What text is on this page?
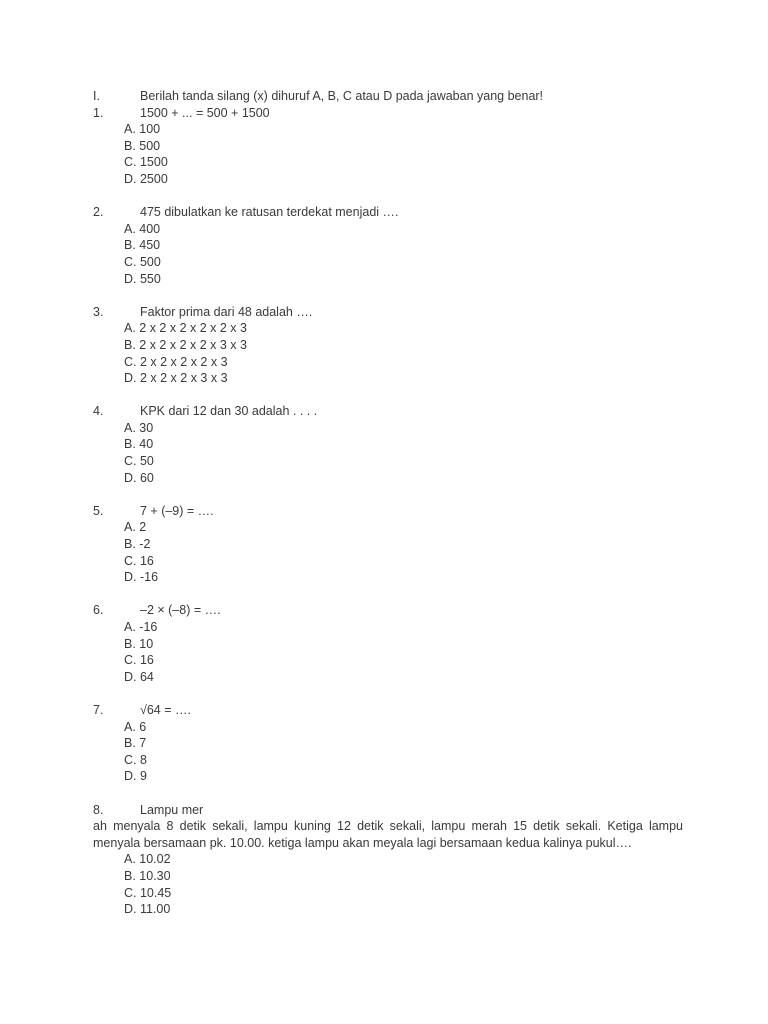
I.	Berilah tanda silang (x) dihuruf A, B, C atau D pada jawaban yang benar!
1.	1500 + ... = 500 + 1500
A. 100
B. 500
C. 1500
D. 2500
2.	475 dibulatkan ke ratusan terdekat menjadi ….
A. 400
B. 450
C. 500
D. 550
3.	Faktor prima dari 48 adalah ….
A. 2 x 2 x 2 x 2 x 2 x 3
B. 2 x 2 x 2 x 2 x 3 x 3
C. 2 x 2 x 2 x 2 x 3
D. 2 x 2 x 2 x 3 x 3
4.	KPK dari 12 dan 30 adalah . . . .
A. 30
B. 40
C. 50
D. 60
5.	7 + (–9) = ….
A. 2
B. -2
C. 16
D. -16
6.	–2 × (–8) = ….
A. -16
B. 10
C. 16
D. 64
7.	√64 = ….
A. 6
B. 7
C. 8
D. 9
8.	Lampu mer
ah menyala 8 detik sekali, lampu kuning 12 detik sekali, lampu merah 15 detik sekali. Ketiga lampu menyala bersamaan pk. 10.00. ketiga lampu akan meyala lagi bersamaan kedua kalinya pukul….
A. 10.02
B. 10.30
C. 10.45
D. 11.00
